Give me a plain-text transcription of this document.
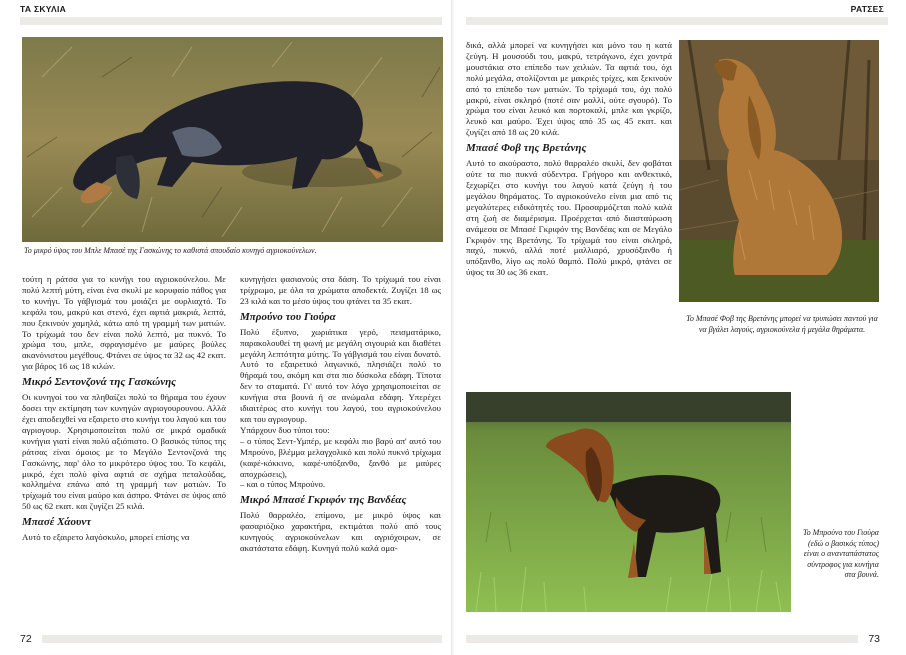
ΤΑ ΣΚΥΛΙΑ
Το μικρό ύψος του Μπλε Μπασέ της Γασκώνης το καθιστά σπουδαίο κυνηγό αγριοκούνελων.

τούτη η ράτσα για το κυνήγι του αγριοκούνελου. Με πολύ λεπτή μύτη, είναι ένα σκυλί με κορυφαίο πάθος για το κυνήγι. Το γάβγισμά του μοιάζει με ουρλιαχτό. Το κεφάλι του, μακρύ και στενό, έχει αφτιά μακριά, λεπτά, που ξεκινούν χαμηλά, κάτω από τη γραμμή των ματιών. Το τρίχωμά του δεν είναι πολύ λεπτό, μα πυκνό. Το χρώμα του, μπλε, σφραγισμένο με μαύρες βούλες ακανόνιστου μεγέθους. Φτάνει σε ύψος τα 32 ως 42 εκατ. για βάρος 16 ως 18 κιλών.

Μικρό Σεντονζονά της Γασκώνης

Οι κυνηγοί του να πληθαίζει πολύ το θήραμα του έχουν δοσει την εκτίμηση των κυνηγών αγριογουρουνου. Αλλά έχει αποδειχθεί να εξαιρετο στο κυνήγι του λαγού και του αγριογουρ. Χρησιμοποιείται πολύ σε μικρά ομαδικά κυνήγια γιατί είναι πολύ αξιόπιστο. Ο βασικός τύπος της ράτσας είναι όμοιος με το Μεγάλο Σεντονζονά της Γασκώνης, παρ' όλο το μικρότερο ύψος του. Το κεφάλι, μικρό, έχει πολύ φίνα αφτιά σε σχήμα πεταλούδας, κολλημένα επάνω από τη γραμμή των ματιών. Το τρίχωμά του είναι μαύρο και άσπρο. Φτάνει σε ύψος από 50 ως 62 εκατ. και ζυγίζει 25 κιλά.

Μπασέ Χάουντ

Αυτό το εξαιρετο λαγόσκυλο, μπορεί επίσης να

κυνηγήσει φασιανούς στα δάση. Το τρίχωμά του είναι τρίχρωμο, με όλα τα χρώματα αποδεκτά. Ζυγίζει 18 ως 23 κιλά και το μέσο ύψος του φτάνει τα 35 εκατ.

Μπρούνο του Γιούρα

Πολύ έξυπνο, χωριάτικα γερό, πεισματάρικο, παρακολουθεί τη φωνή με μεγάλη σιγουριά και διαθέτει μεγάλη λεπτότητα μύτης. Το γάβγισμά του είναι δυνατό. Αυτό το εξαιρετικό λαγωνικό, πλησιάζει πολύ το θήραμά του, ακόμη και στα πιο δύσκολα εδάφη. Τίποτα δεν το σταματά. Γι' αυτό τον λόγο χρησιμοποιείται σε κυνήγια στα βουνά ή σε ανώμαλα εδάφη. Υπερέχει ιδιαιτέρως στο κυνήγι του λαγού, του αγριοκούνελου και του αγριογουρ.

Υπάρχουν δυο τύποι του:

– ο τύπος Σεντ-Υμπέρ, με κεφάλι πιο βαρύ απ' αυτό του Μπρούνο, βλέμμα μελαγχολικό και πολύ πυκνό τρίχωμα (καφέ-κόκκινο, καφέ-υπόξανθο, ξανθό με μαύρες αποχρώσεις),

– και ο τύπος Μπρούνο.

Μικρό Μπασέ Γκριφόν της Βανδέας

Πολύ θαρραλέο, επίμονο, με μικρό ύψος και φασαριόζικο χαρακτήρα, εκτιμάται πολύ από τους κυνηγούς αγριοκούνελων και αγριόχοιρων, σε ακατάστατα εδάφη. Κυνηγά πολύ καλά ομα-

72
ΡΑΤΣΕΣ

δικά, αλλά μπορεί να κυνηγήσει και μόνο του η κατά ζεύγη. Η μουσούδι του, μακρύ, τετράγωνο, έχει χοντρά μουστάκια στο επίπεδο των χειλιών. Τα αφτιά του, όχι πολύ μεγάλα, στολίζονται με μακριές τρίχες, και ξεκινούν από το επίπεδο των ματιών. Το τρίχωμά του, όχι πολύ μακρύ, είναι σκληρό (ποτέ σαν μαλλί, ούτε σγουρό). Το χρώμα του είναι λευκό και πορτοκαλί, μπλε και γκρίζο, λευκό και μαύρο. Έχει ύψος από 35 ως 45 εκατ. και ζυγίζει από 18 ως 20 κιλά.

Μπασέ Φοβ της Βρετάνης

Αυτό το ακούραστο, πολύ θαρραλέο σκυλί, δεν φοβάται ούτε τα πιο πυκνά σύδεντρα. Γρήγορο και ανθεκτικό, ξεχωρίζει στο κυνήγι του λαγού κατά ζεύγη ή του μεγάλου θηράματος. Το αγριοκούνελο είναι μια από τις μεγαλύτερες ειδικότητές του. Προσαρμόζεται πολύ καλά στη ζωή σε διαμέρισμα. Προέρχεται από διασταύρωση ανάμεσα σε Μπασέ Γκριφόν της Βανδέας και σε Μεγάλο Γκριφόν της Βρετάνης. Το τρίχωμά του είναι σκληρό, παχύ, πυκνό, αλλά ποτέ μαλλιαρό, χρυσόξανθο ή υπόξανθο, λίγο ως πολύ θαμπό. Πολύ μικρό, φτάνει σε ύψος τα 30 ως 36 εκατ.

Το Μπασέ Φοβ της Βρετάνης μπορεί να τρυπώσει παντού για να βγάλει λαγούς, αγριοκούνελα ή μεγάλα θηράματα.
Το Μπρούνο του Γιούρα (εδώ ο βασικός τύπος) είναι ο ανανταπάστατος σύντροφος για κυνήγια στα βουνά.
73
